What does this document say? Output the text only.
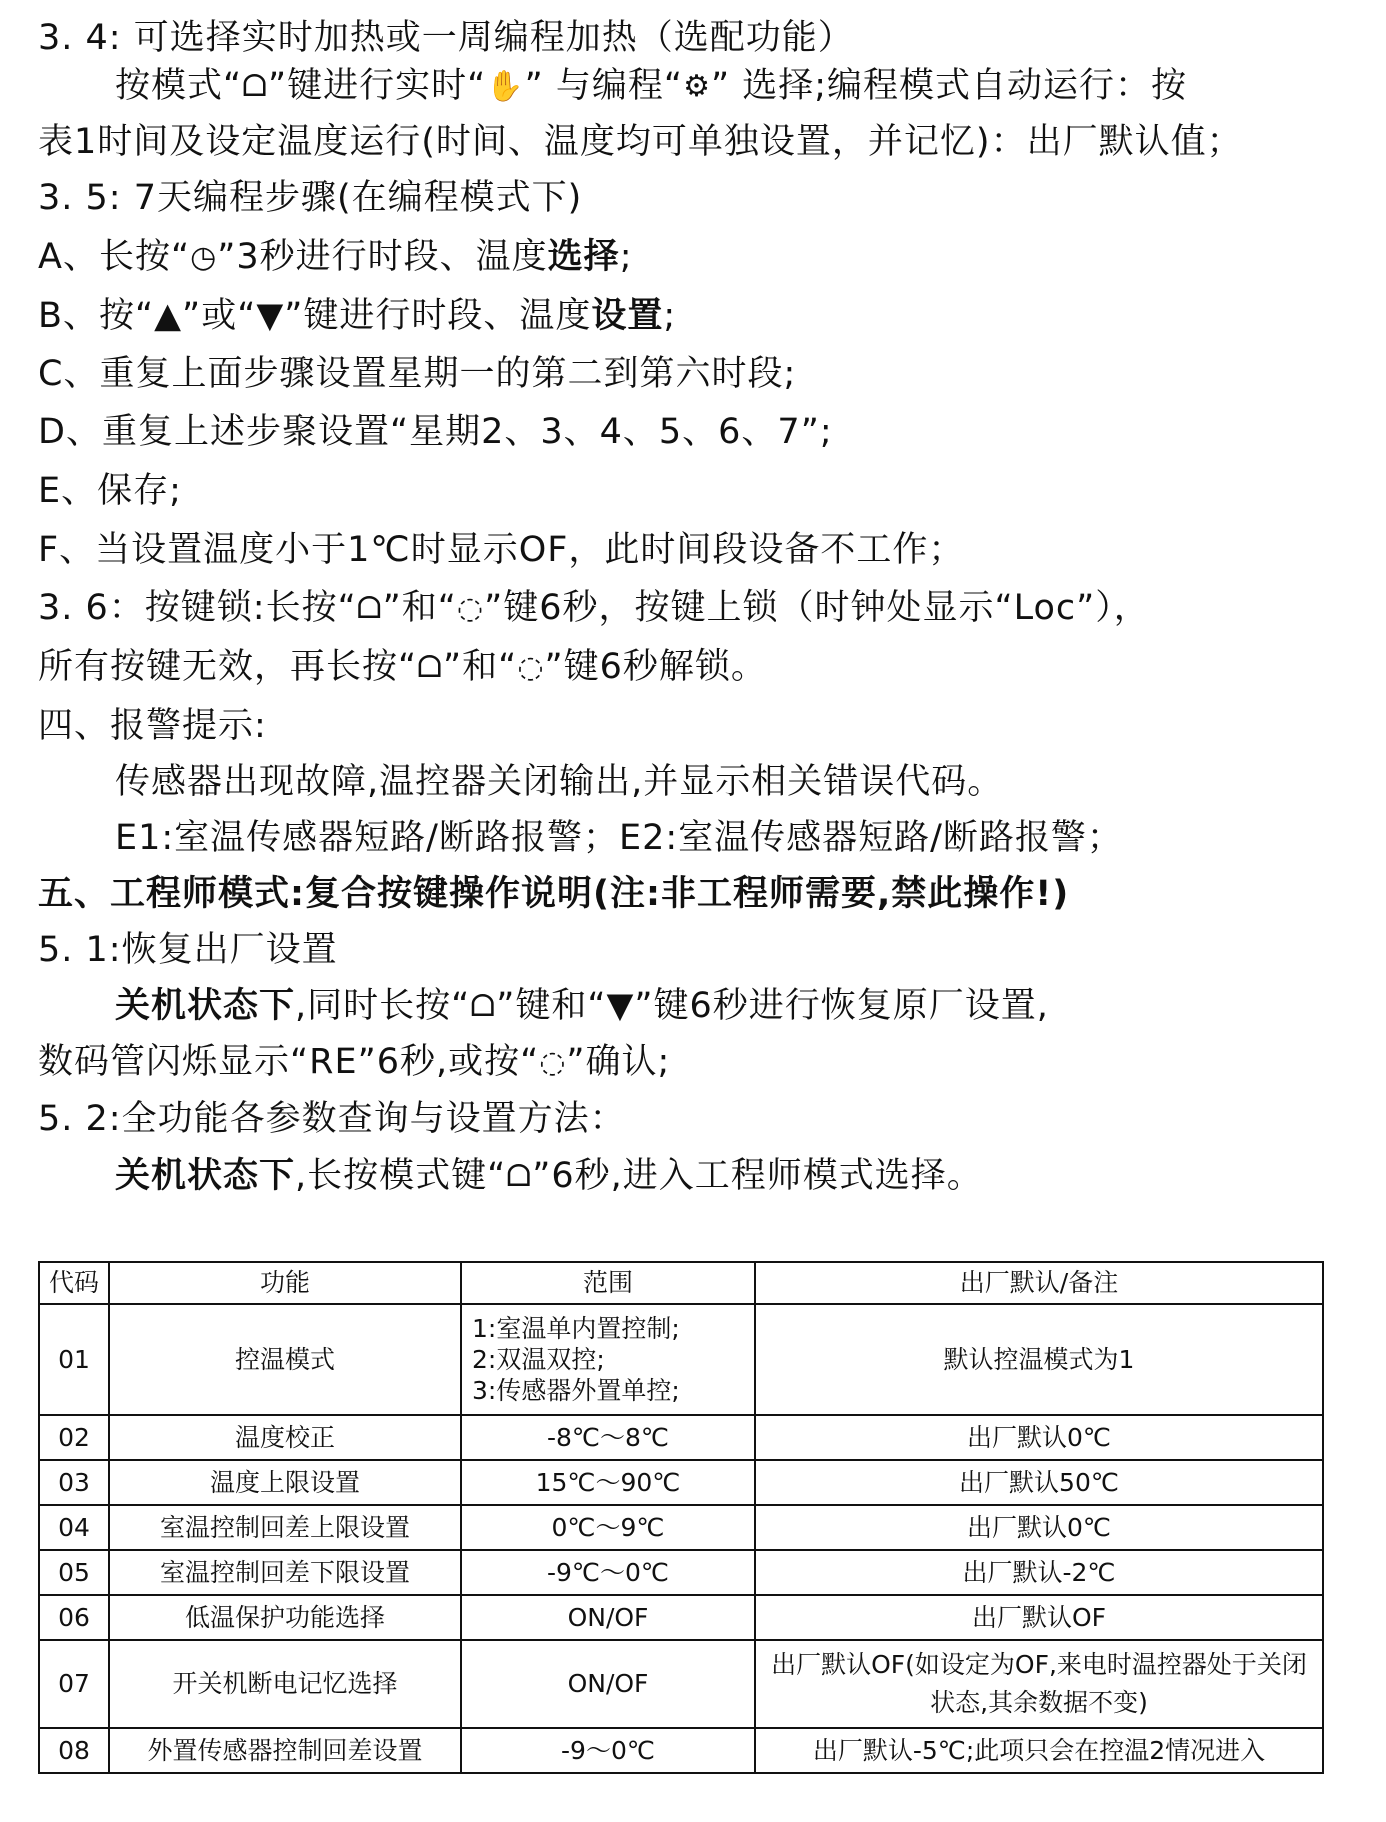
3. 4: 可选择实时加热或一周编程加热（选配功能）
按模式“ᗝ”键进行实时“✋” 与编程“⚙” 选择;编程模式自动运行：按
表1时间及设定温度运行(时间、温度均可单独设置，并记忆)：出厂默认值；
3. 5: 7天编程步骤(在编程模式下)
A、长按“◷”3秒进行时段、温度选择;
B、按“▲”或“▼”键进行时段、温度设置;
C、重复上面步骤设置星期一的第二到第六时段;
D、重复上述步聚设置“星期2、3、4、5、6、7”;
E、保存;
F、当设置温度小于1℃时显示OF，此时间段设备不工作；
3. 6：按键锁:长按“ᗝ”和“◌”键6秒，按键上锁（时钟处显示“Loc”），
所有按键无效，再长按“ᗝ”和“◌”键6秒解锁。
四、报警提示:
传感器出现故障,温控器关闭输出,并显示相关错误代码。
E1:室温传感器短路/断路报警；E2:室温传感器短路/断路报警；
五、工程师模式:复合按键操作说明(注:非工程师需要,禁此操作!)
5. 1:恢复出厂设置
关机状态下,同时长按“ᗝ”键和“▼”键6秒进行恢复原厂设置,
数码管闪烁显示“RE”6秒,或按“◌”确认;
5. 2:全功能各参数查询与设置方法：
关机状态下,长按模式键“ᗝ”6秒,进入工程师模式选择。
代码	功能	范围	出厂默认/备注
01	控温模式	1:室温单内置控制;
2:双温双控;
3:传感器外置单控;	默认控温模式为1
02	温度校正	-8℃～8℃	出厂默认0℃
03	温度上限设置	15℃～90℃	出厂默认50℃
04	室温控制回差上限设置	0℃～9℃	出厂默认0℃
05	室温控制回差下限设置	-9℃～0℃	出厂默认-2℃
06	低温保护功能选择	ON/OF	出厂默认OF
07	开关机断电记忆选择	ON/OF	出厂默认OF(如设定为OF,来电时温控器处于关闭状态,其余数据不变)
08	外置传感器控制回差设置	-9～0℃	出厂默认-5℃;此项只会在控温2情况进入
